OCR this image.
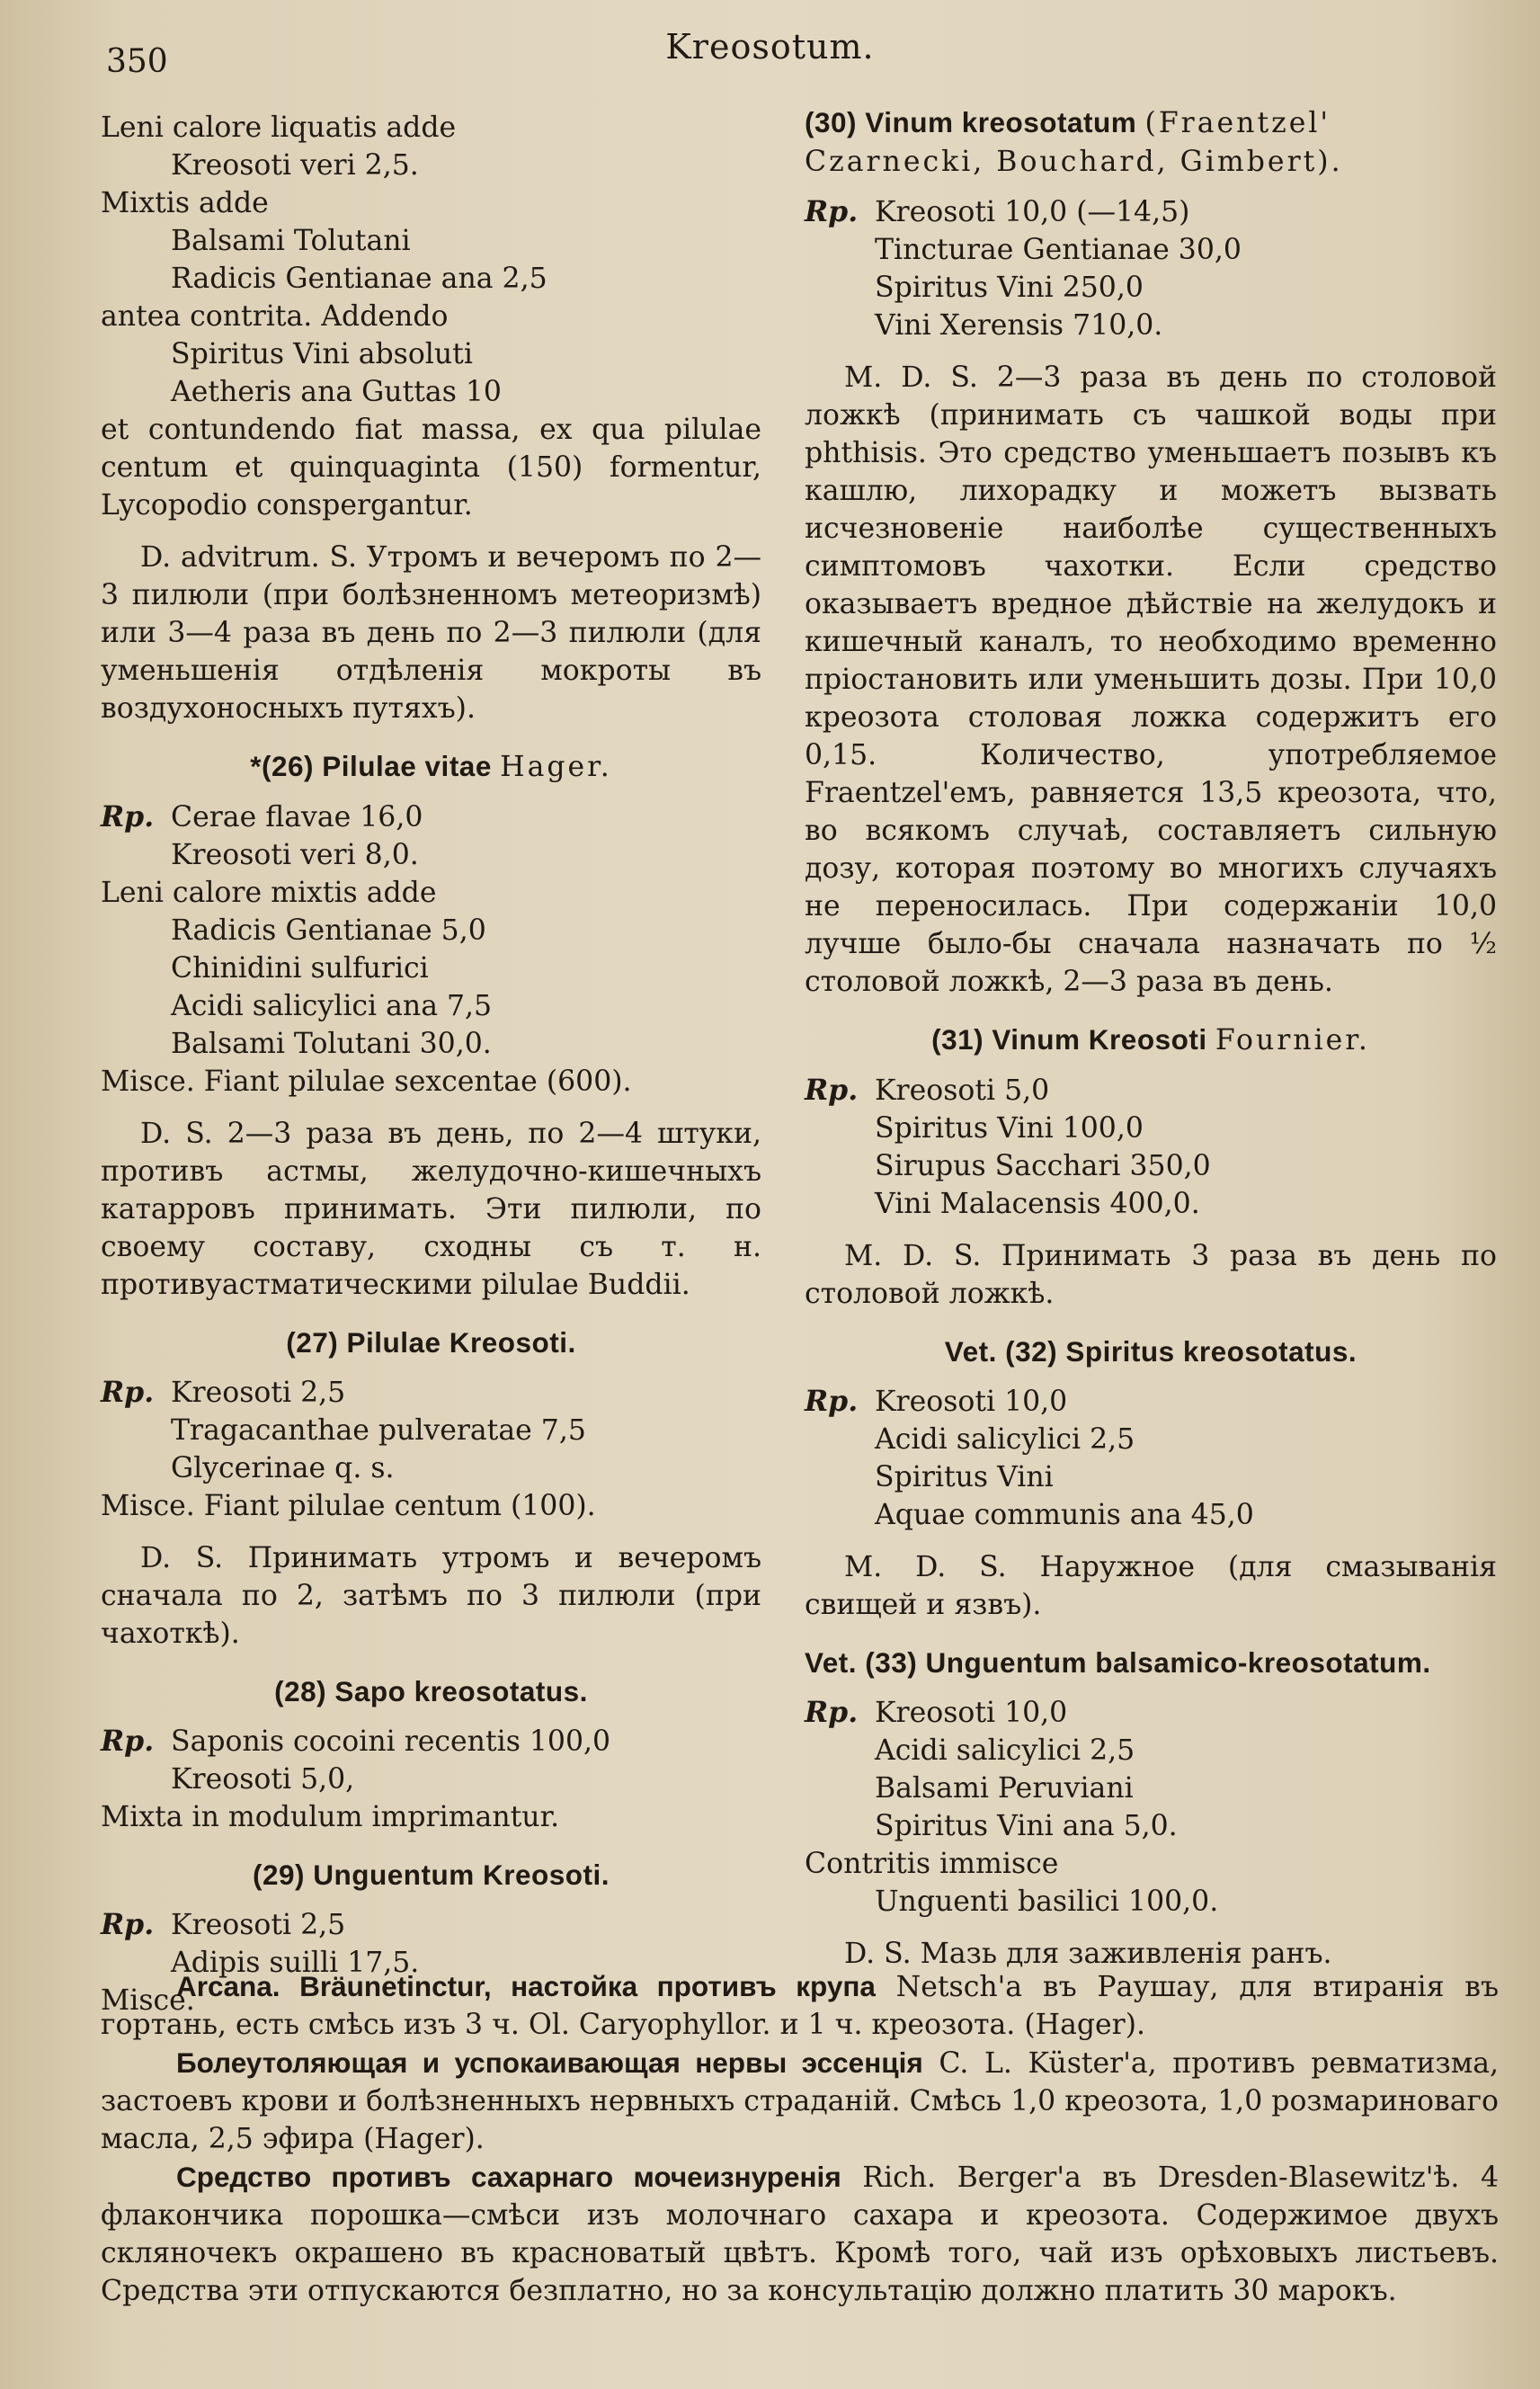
350	Kreosotum.
Leni calore liquatis adde
Kreosoti veri 2,5.
Mixtis adde
Balsami Tolutani
Radicis Gentianae ana 2,5
antea contrita. Addendo
Spiritus Vini absoluti
Aetheris ana Guttas 10
et contundendo fiat massa, ex qua pilulae centum et quinquaginta (150) formentur, Lycopodio conspergantur.
D. advitrum. S. Утромъ и вечеромъ по 2—3 пилюли (при болѣзненномъ метеоризмѣ) или 3—4 раза въ день по 2—3 пилюли (для уменьшенія отдѣленія мокроты въ воздухоносныхъ путяхъ).
*(26) Pilulae vitae Hager.
Rp. Cerae flavae 16,0
Kreosoti veri 8,0.
Leni calore mixtis adde
Radicis Gentianae 5,0
Chinidini sulfurici
Acidi salicylici ana 7,5
Balsami Tolutani 30,0.
Misce. Fiant pilulae sexcentae (600).
D. S. 2—3 раза въ день, по 2—4 штуки, противъ астмы, желудочно-кишечныхъ катарровъ принимать. Эти пилюли, по своему составу, сходны съ т. н. противуастматическими pilulae Buddii.
(27) Pilulae Kreosoti.
Rp. Kreosoti 2,5
Tragacanthae pulveratae 7,5
Glycerinae q. s.
Misce. Fiant pilulae centum (100).
D. S. Принимать утромъ и вечеромъ сначала по 2, затѣмъ по 3 пилюли (при чахоткѣ).
(28) Sapo kreosotatus.
Rp. Saponis cocoini recentis 100,0
Kreosoti 5,0,
Mixta in modulum imprimantur.
(29) Unguentum Kreosoti.
Rp. Kreosoti 2,5
Adipis suilli 17,5.
Misce.
(30) Vinum kreosotatum (Fraentzel'
Czarnecki, Bouchard, Gimbert).
Rp. Kreosoti 10,0 (—14,5)
Tincturae Gentianae 30,0
Spiritus Vini 250,0
Vini Xerensis 710,0.
M. D. S. 2—3 раза въ день по столовой ложкѣ (принимать съ чашкой воды при phthisis. Это средство уменьшаетъ позывъ къ кашлю, лихорадку и можетъ вызвать исчезновеніе наиболѣе существенныхъ симптомовъ чахотки. Если средство оказываетъ вредное дѣйствіе на желудокъ и кишечный каналъ, то необходимо временно пріостановить или уменьшить дозы. При 10,0 креозота столовая ложка содержитъ его 0,15. Количество, употребляемое Fraentzel'емъ, равняется 13,5 креозота, что, во всякомъ случаѣ, составляетъ сильную дозу, которая поэтому во многихъ случаяхъ не переносилась. При содержаніи 10,0 лучше было-бы сначала назначать по ½ столовой ложкѣ, 2—3 раза въ день.
(31) Vinum Kreosoti Fournier.
Rp. Kreosoti 5,0
Spiritus Vini 100,0
Sirupus Sacchari 350,0
Vini Malacensis 400,0.
M. D. S. Принимать 3 раза въ день по столовой ложкѣ.
Vet. (32) Spiritus kreosotatus.
Rp. Kreosoti 10,0
Acidi salicylici 2,5
Spiritus Vini
Aquae communis ana 45,0
M. D. S. Наружное (для смазыванія свищей и язвъ).
Vet. (33) Unguentum balsamico-kreosotatum.
Rp. Kreosoti 10,0
Acidi salicylici 2,5
Balsami Peruviani
Spiritus Vini ana 5,0.
Contritis immisce
Unguenti basilici 100,0.
D. S. Мазь для заживленія ранъ.

Arcana. Bräunetinctur, настойка противъ крупа Netsch'a въ Раушау, для втиранія въ гортань, есть смѣсь изъ 3 ч. Ol. Caryophyllor. и 1 ч. креозота. (Hager).

Болеутоляющая и успокаивающая нервы эссенція C. L. Küster'a, противъ ревматизма, застоевъ крови и болѣзненныхъ нервныхъ страданій. Смѣсь 1,0 креозота, 1,0 розмариноваго масла, 2,5 эфира (Hager).

Средство противъ сахарнаго мочеизнуренія Rich. Berger'a въ Dresden-Blasewitz'ѣ. 4 флакончика порошка—смѣси изъ молочнаго сахара и креозота. Содержимое двухъ скляночекъ окрашено въ красноватый цвѣтъ. Кромѣ того, чай изъ орѣховыхъ листьевъ. Средства эти отпускаются безплатно, но за консультацію должно платить 30 марокъ.
